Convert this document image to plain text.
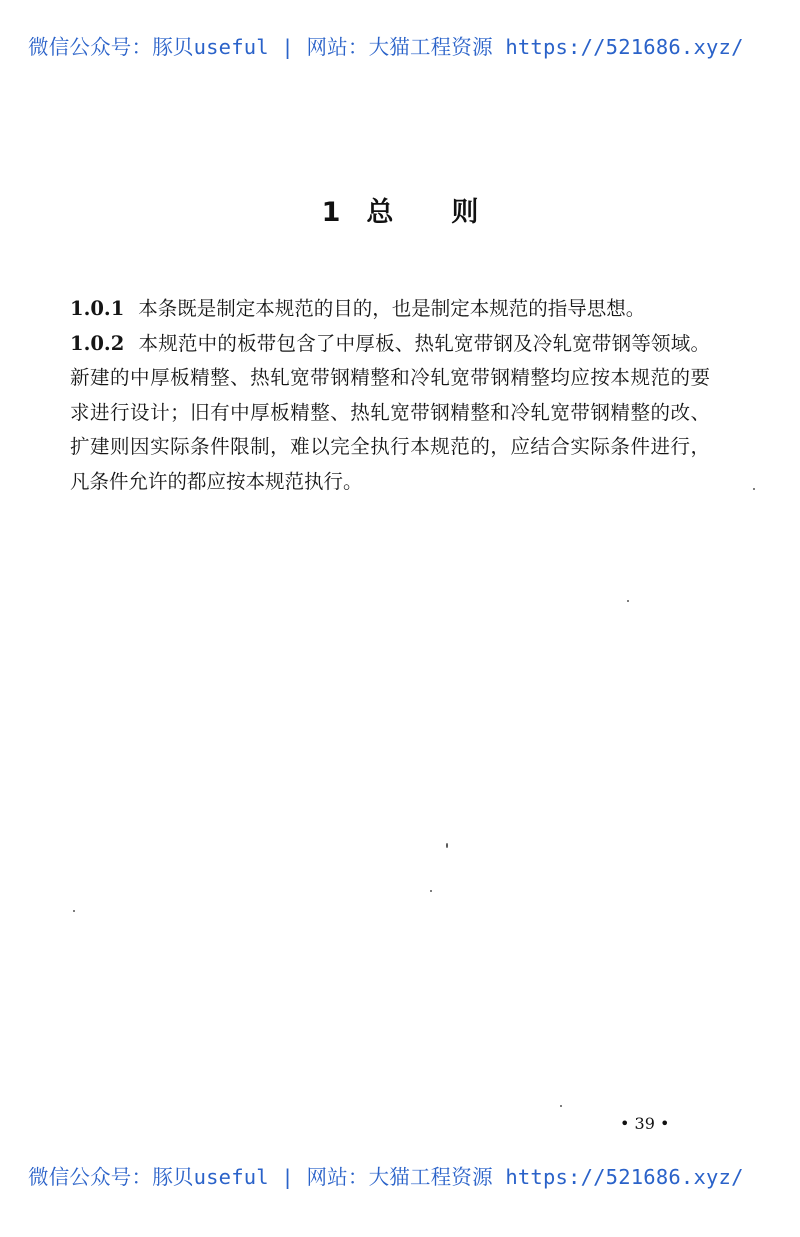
微信公众号：豚贝useful | 网站：大猫工程资源 https://521686.xyz/
1 总 则

1.0.1 本条既是制定本规范的目的，也是制定本规范的指导思想。

1.0.2 本规范中的板带包含了中厚板、热轧宽带钢及冷轧宽带钢等领域。新建的中厚板精整、热轧宽带钢精整和冷轧宽带钢精整均应按本规范的要求进行设计；旧有中厚板精整、热轧宽带钢精整和冷轧宽带钢精整的改、扩建则因实际条件限制，难以完全执行本规范的，应结合实际条件进行，凡条件允许的都应按本规范执行。

• 39 •
微信公众号：豚贝useful | 网站：大猫工程资源 https://521686.xyz/
